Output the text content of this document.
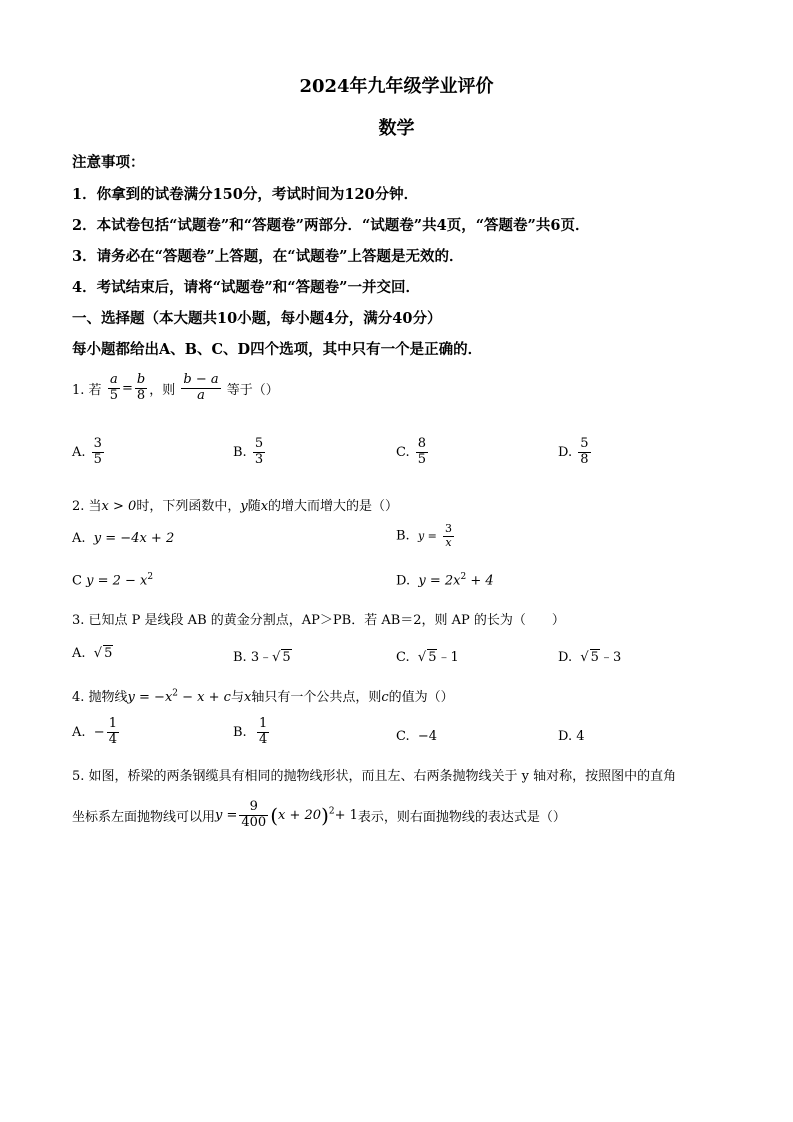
2024年九年级学业评价
数学
注意事项：
1．你拿到的试卷满分150分，考试时间为120分钟．
2．本试卷包括“试题卷”和“答题卷”两部分．“试题卷”共4页，“答题卷”共6页．
3．请务必在“答题卷”上答题，在“试题卷”上答题是无效的．
4．考试结束后，请将“试题卷”和“答题卷”一并交回．
一、选择题（本大题共10小题，每小题4分，满分40分）
每小题都给出A、B、C、D四个选项，其中只有一个是正确的．
1. 若 $\frac{a}{5} = \frac{b}{8}$ ，则 $\frac{b - a}{a}$ 等于（）
A. $\frac{3}{5}$	B. $\frac{5}{3}$	C. $\frac{8}{5}$	D. $\frac{5}{8}$
2. 当x > 0时，下列函数中，y随x的增大而增大的是（）
A. y = −4x + 2	B. $y = \frac{3}{x}$
C $y = 2 - x^2$	D. $y = 2x^2 + 4$
3. 已知点 P 是线段 AB 的黄金分割点，AP＞PB．若 AB＝2，则 AP 的长为（　　）
A.  √ 5	B. 3﹣√ 5	C.  √ 5﹣1	D.  √ 5﹣3
4. 抛物线$y = -x^2 - x + c$与x轴只有一个公共点，则c的值为（）
A. − $\frac{1}{4}$	B. $\frac{1}{4}$	C. −4	D. 4
5. 如图，桥梁的两条钢缆具有相同的抛物线形状，而且左、右两条抛物线关于 y 轴对称，按照图中的直角
坐标系左面抛物线可以用$y = \frac{9}{400} (x + 20)^2+ 1$表示，则右面抛物线的表达式是（）
